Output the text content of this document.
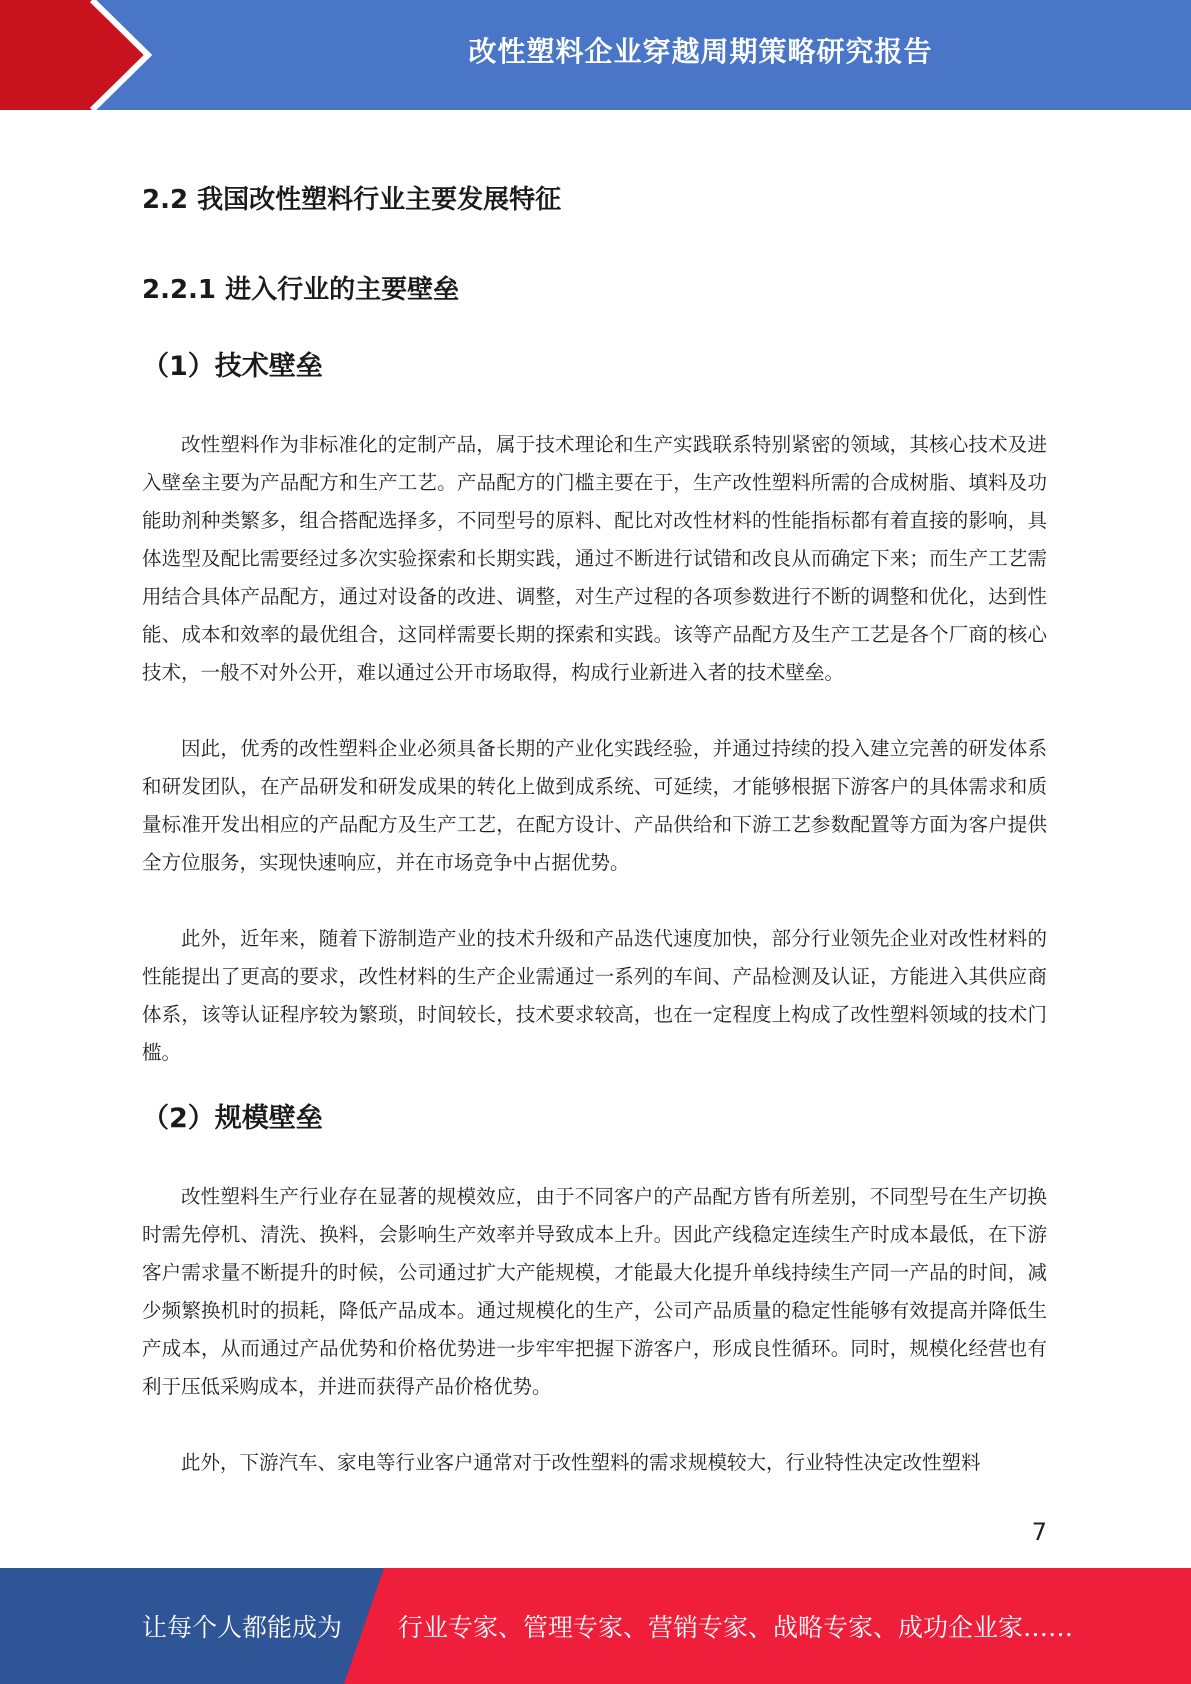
改性塑料企业穿越周期策略研究报告
2.2 我国改性塑料行业主要发展特征
2.2.1 进入行业的主要壁垒
（1）技术壁垒

改性塑料作为非标准化的定制产品，属于技术理论和生产实践联系特别紧密的领域，其核心技术及进入壁垒主要为产品配方和生产工艺。产品配方的门槛主要在于，生产改性塑料所需的合成树脂、填料及功能助剂种类繁多，组合搭配选择多，不同型号的原料、配比对改性材料的性能指标都有着直接的影响，具体选型及配比需要经过多次实验探索和长期实践，通过不断进行试错和改良从而确定下来；而生产工艺需用结合具体产品配方，通过对设备的改进、调整，对生产过程的各项参数进行不断的调整和优化，达到性能、成本和效率的最优组合，这同样需要长期的探索和实践。该等产品配方及生产工艺是各个厂商的核心技术，一般不对外公开，难以通过公开市场取得，构成行业新进入者的技术壁垒。

因此，优秀的改性塑料企业必须具备长期的产业化实践经验，并通过持续的投入建立完善的研发体系和研发团队，在产品研发和研发成果的转化上做到成系统、可延续，才能够根据下游客户的具体需求和质量标准开发出相应的产品配方及生产工艺，在配方设计、产品供给和下游工艺参数配置等方面为客户提供全方位服务，实现快速响应，并在市场竞争中占据优势。

此外，近年来，随着下游制造产业的技术升级和产品迭代速度加快，部分行业领先企业对改性材料的性能提出了更高的要求，改性材料的生产企业需通过一系列的车间、产品检测及认证，方能进入其供应商体系，该等认证程序较为繁琐，时间较长，技术要求较高，也在一定程度上构成了改性塑料领域的技术门槛。

（2）规模壁垒

改性塑料生产行业存在显著的规模效应，由于不同客户的产品配方皆有所差别，不同型号在生产切换时需先停机、清洗、换料，会影响生产效率并导致成本上升。因此产线稳定连续生产时成本最低，在下游客户需求量不断提升的时候，公司通过扩大产能规模，才能最大化提升单线持续生产同一产品的时间，减少频繁换机时的损耗，降低产品成本。通过规模化的生产，公司产品质量的稳定性能够有效提高并降低生产成本，从而通过产品优势和价格优势进一步牢牢把握下游客户，形成良性循环。同时，规模化经营也有利于压低采购成本，并进而获得产品价格优势。

此外，下游汽车、家电等行业客户通常对于改性塑料的需求规模较大，行业特性决定改性塑料

7
让每个人都能成为 行业专家、管理专家、营销专家、战略专家、成功企业家……
